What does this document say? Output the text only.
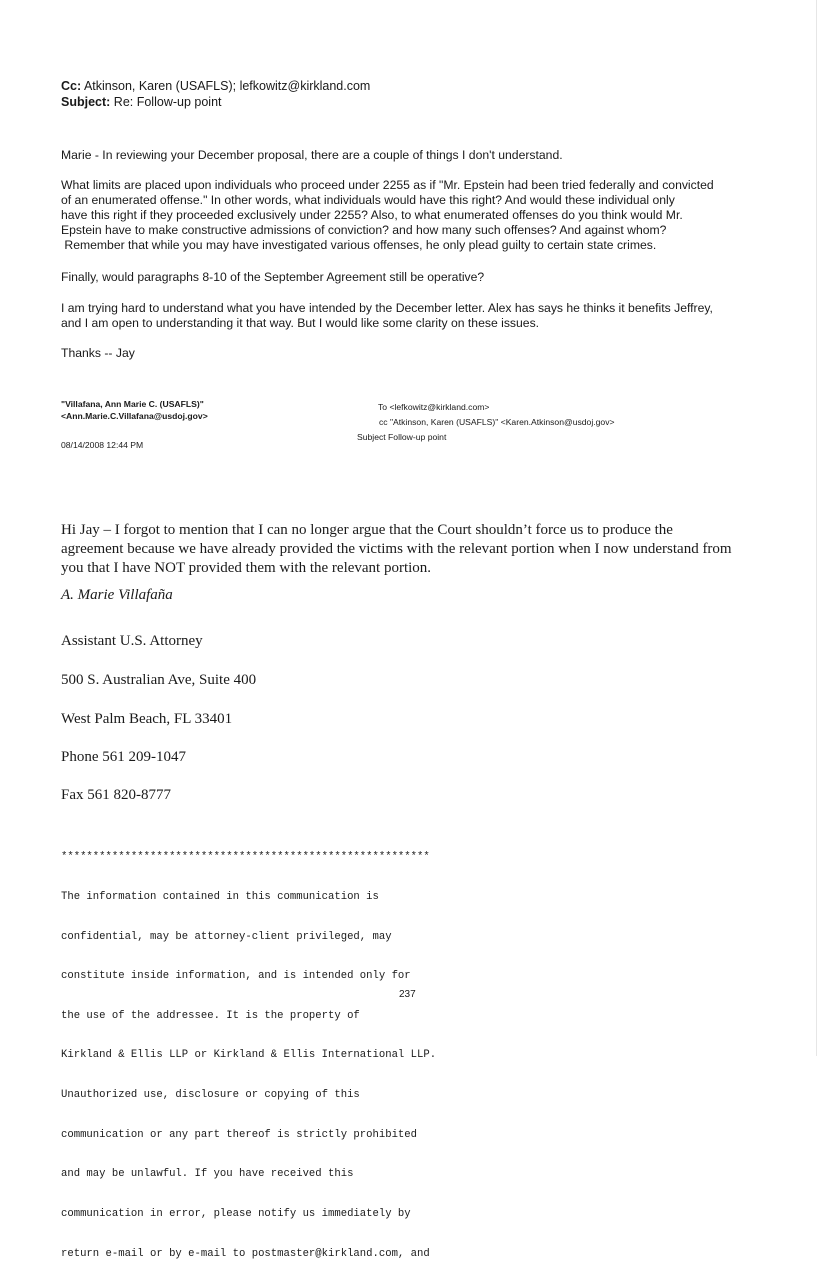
Cc: Atkinson, Karen (USAFLS); lefkowitz@kirkland.com
Subject: Re: Follow-up point
Marie - In reviewing your December proposal, there are a couple of things I don't understand.
What limits are placed upon individuals who proceed under 2255 as if "Mr. Epstein had been tried federally and convicted
of an enumerated offense." In other words, what individuals would have this right? And would these individual only
have this right if they proceeded exclusively under 2255? Also, to what enumerated offenses do you think would Mr.
Epstein have to make constructive admissions of conviction? and how many such offenses? And against whom?
Remember that while you may have investigated various offenses, he only plead guilty to certain state crimes.
Finally, would paragraphs 8-10 of the September Agreement still be operative?
I am trying hard to understand what you have intended by the December letter. Alex has says he thinks it benefits Jeffrey,
and I am open to understanding it that way. But I would like some clarity on these issues.
Thanks -- Jay
"Villafana, Ann Marie C. (USAFLS)"
<Ann.Marie.C.Villafana@usdoj.gov>
08/14/2008 12:44 PM
To <lefkowitz@kirkland.com>
cc "Atkinson, Karen (USAFLS)" <Karen.Atkinson@usdoj.gov>
Subject Follow-up point
Hi Jay – I forgot to mention that I can no longer argue that the Court shouldn’t force us to produce the
agreement because we have already provided the victims with the relevant portion when I now understand from
you that I have NOT provided them with the relevant portion.
A. Marie Villafaña
Assistant U.S. Attorney
500 S. Australian Ave, Suite 400
West Palm Beach, FL 33401
Phone 561 209-1047
Fax 561 820-8777

**********************************************************

The information contained in this communication is

confidential, may be attorney-client privileged, may

constitute inside information, and is intended only for

the use of the addressee. It is the property of

Kirkland & Ellis LLP or Kirkland & Ellis International LLP.

Unauthorized use, disclosure or copying of this

communication or any part thereof is strictly prohibited

and may be unlawful. If you have received this

communication in error, please notify us immediately by

return e-mail or by e-mail to postmaster@kirkland.com, and

237
